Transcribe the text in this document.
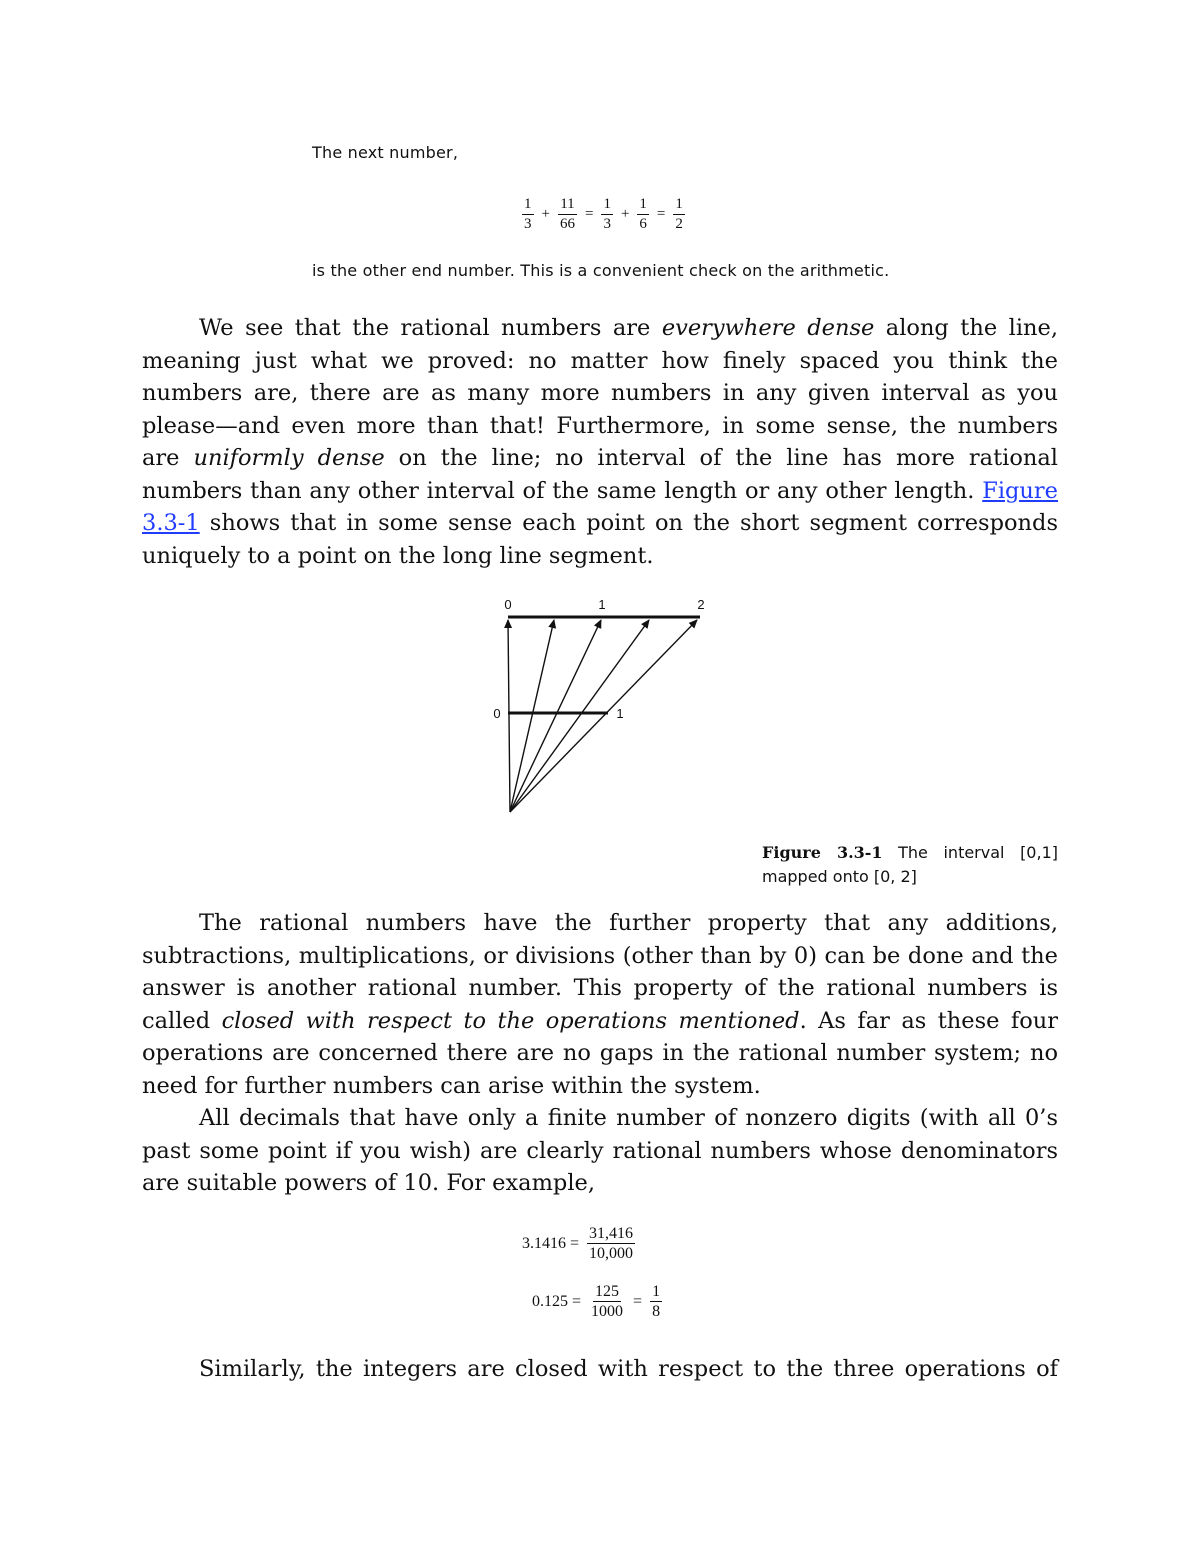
The next number,
$\frac{1}{3} + \frac{11}{66} = \frac{1}{3} + \frac{1}{6} = \frac{1}{2}$
is the other end number. This is a convenient check on the arithmetic.

We see that the rational numbers are everywhere dense along the line, meaning just what we proved: no matter how finely spaced you think the numbers are, there are as many more numbers in any given interval as you please—and even more than that! Furthermore, in some sense, the numbers are uniformly dense on the line; no interval of the line has more rational numbers than any other interval of the same length or any other length. Figure 3.3-1 shows that in some sense each point on the short segment corresponds uniquely to a point on the long line segment.

0	1	2
0	1
Figure 3.3-1 The interval [0,1] mapped onto [0, 2]

The rational numbers have the further property that any additions, subtractions, multiplications, or divisions (other than by 0) can be done and the answer is another rational number. This property of the rational numbers is called closed with respect to the operations mentioned. As far as these four operations are concerned there are no gaps in the rational number system; no need for further numbers can arise within the system.

All decimals that have only a finite number of nonzero digits (with all 0’s past some point if you wish) are clearly rational numbers whose denominators are suitable powers of 10. For example,

$3.1416 = \frac{31,416}{10,000}$
$0.125 = \frac{125}{1000} = \frac{1}{8}$

Similarly, the integers are closed with respect to the three operations of
